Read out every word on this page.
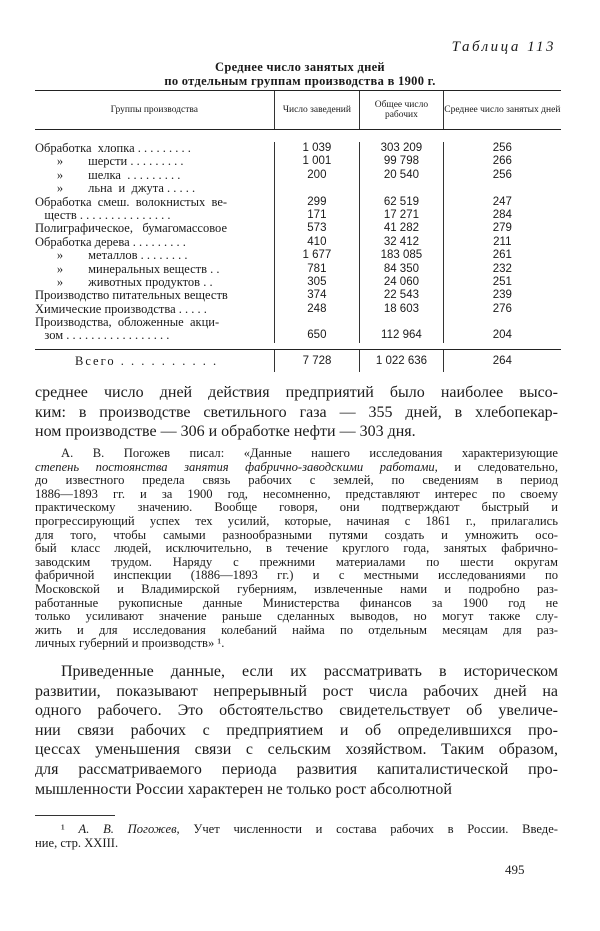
Таблица 113
Среднее число занятых дней
по отдельным группам производства в 1900 г.
Группы производства	Число заведений	Общее число рабочих	Среднее число занятых дней
Обработка  хлопка . . . . . . . . .	1 039	303 209	256
»        шерсти . . . . . . . . .	1 001	99 798	266
»        шелка  . . . . . . . . .	200	20 540	256
»        льна  и  джута . . . . .
Обработка  смеш.  волокнистых  ве-	299	62 519	247
ществ . . . . . . . . . . . . . . .	171	17 271	284
Полиграфическое,   бумагомассовое	573	41 282	279
Обработка дерева . . . . . . . . .	410	32 412	211
»        металлов . . . . . . . .	1 677	183 085	261
»        минеральных веществ . .	781	84 350	232
»        животных продуктов . .	305	24 060	251
Производство питательных веществ	374	22 543	239
Химические производства . . . . .	248	18 603	276
Производства,  обложенные  акци-
зом . . . . . . . . . . . . . . . . .	650	112 964	204
Всего . . . . . . . . . .	7 728	1 022 636	264
среднее число дней действия предприятий было наиболее высо-
ким: в производстве светильного газа — 355 дней, в хлебопекар-
ном производстве — 306 и обработке нефти — 303 дня.
А. В. Погожев писал: «Данные нашего исследования характеризующие
степень постоянства занятия фабрично-заводскими работами, и следовательно,
до известного предела связь рабочих с землей, по сведениям в период
1886—1893 гг. и за 1900 год, несомненно, представляют интерес по своему
практическому значению. Вообще говоря, они подтверждают быстрый и
прогрессирующий успех тех усилий, которые, начиная с 1861 г., прилагались
для того, чтобы самыми разнообразными путями создать и умножить осо-
бый класс людей, исключительно, в течение круглого года, занятых фабрично-
заводским трудом. Наряду с прежними материалами по шести округам
фабричной инспекции (1886—1893 гг.) и с местными исследованиями по
Московской и Владимирской губерниям, извлеченные нами и подробно раз-
работанные рукописные данные Министерства финансов за 1900 год не
только усиливают значение раньше сделанных выводов, но могут также слу-
жить и для исследования колебаний найма по отдельным месяцам для раз-
личных губерний и производств» ¹.
Приведенные данные, если их рассматривать в историческом
развитии, показывают непрерывный рост числа рабочих дней на
одного рабочего. Это обстоятельство свидетельствует об увеличе-
нии связи рабочих с предприятием и об определившихся про-
цессах уменьшения связи с сельским хозяйством. Таким образом,
для рассматриваемого периода развития капиталистической про-
мышленности России характерен не только рост абсолютной
¹ А. В. Погожев, Учет численности и состава рабочих в России. Введе-
ние, стр. XXIII.
495
